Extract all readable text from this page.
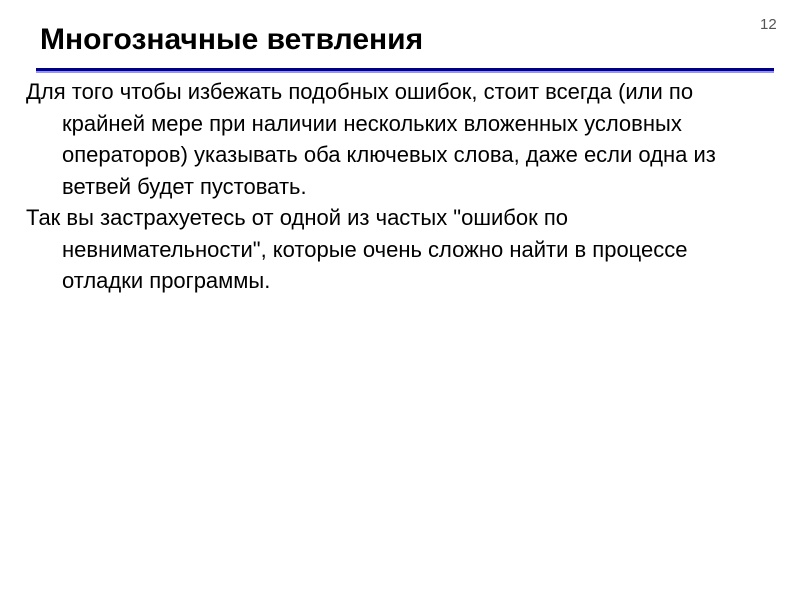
12
Многозначные ветвления
Для того чтобы избежать подобных ошибок, стоит всегда (или по крайней мере при наличии нескольких вложенных условных операторов) указывать оба ключевых слова, даже если одна из ветвей будет пустовать.
Так вы застрахуетесь от одной из частых "ошибок по невнимательности", которые очень сложно найти в процессе отладки программы.
